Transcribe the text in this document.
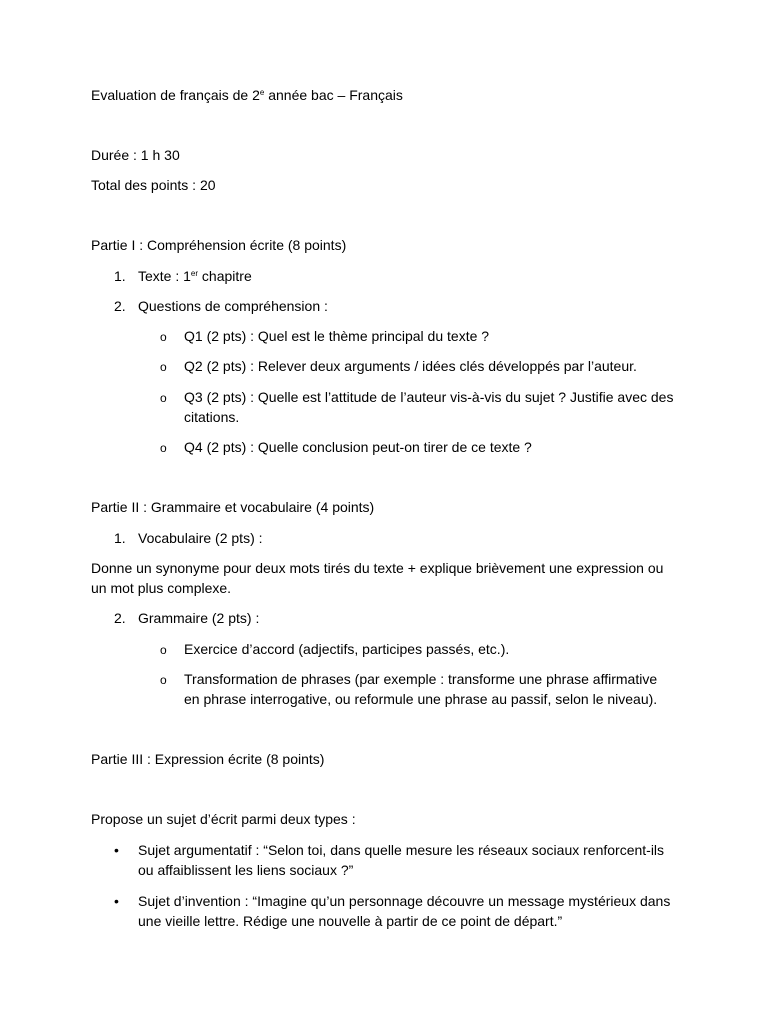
Evaluation de français de 2e année bac – Français
Durée : 1 h 30
Total des points : 20
Partie I : Compréhension écrite (8 points)
1. Texte : 1er chapitre
2. Questions de compréhension :
o Q1 (2 pts) : Quel est le thème principal du texte ?
o Q2 (2 pts) : Relever deux arguments / idées clés développés par l’auteur.
o Q3 (2 pts) : Quelle est l’attitude de l’auteur vis-à-vis du sujet ? Justifie avec des citations.
o Q4 (2 pts) : Quelle conclusion peut-on tirer de ce texte ?
Partie II : Grammaire et vocabulaire (4 points)
1. Vocabulaire (2 pts) :
Donne un synonyme pour deux mots tirés du texte + explique brièvement une expression ou un mot plus complexe.
2. Grammaire (2 pts) :
o Exercice d’accord (adjectifs, participes passés, etc.).
o Transformation de phrases (par exemple : transforme une phrase affirmative en phrase interrogative, ou reformule une phrase au passif, selon le niveau).
Partie III : Expression écrite (8 points)
Propose un sujet d’écrit parmi deux types :
• Sujet argumentatif : “Selon toi, dans quelle mesure les réseaux sociaux renforcent-ils ou affaiblissent les liens sociaux ?”
• Sujet d’invention : “Imagine qu’un personnage découvre un message mystérieux dans une vieille lettre. Rédige une nouvelle à partir de ce point de départ.”
